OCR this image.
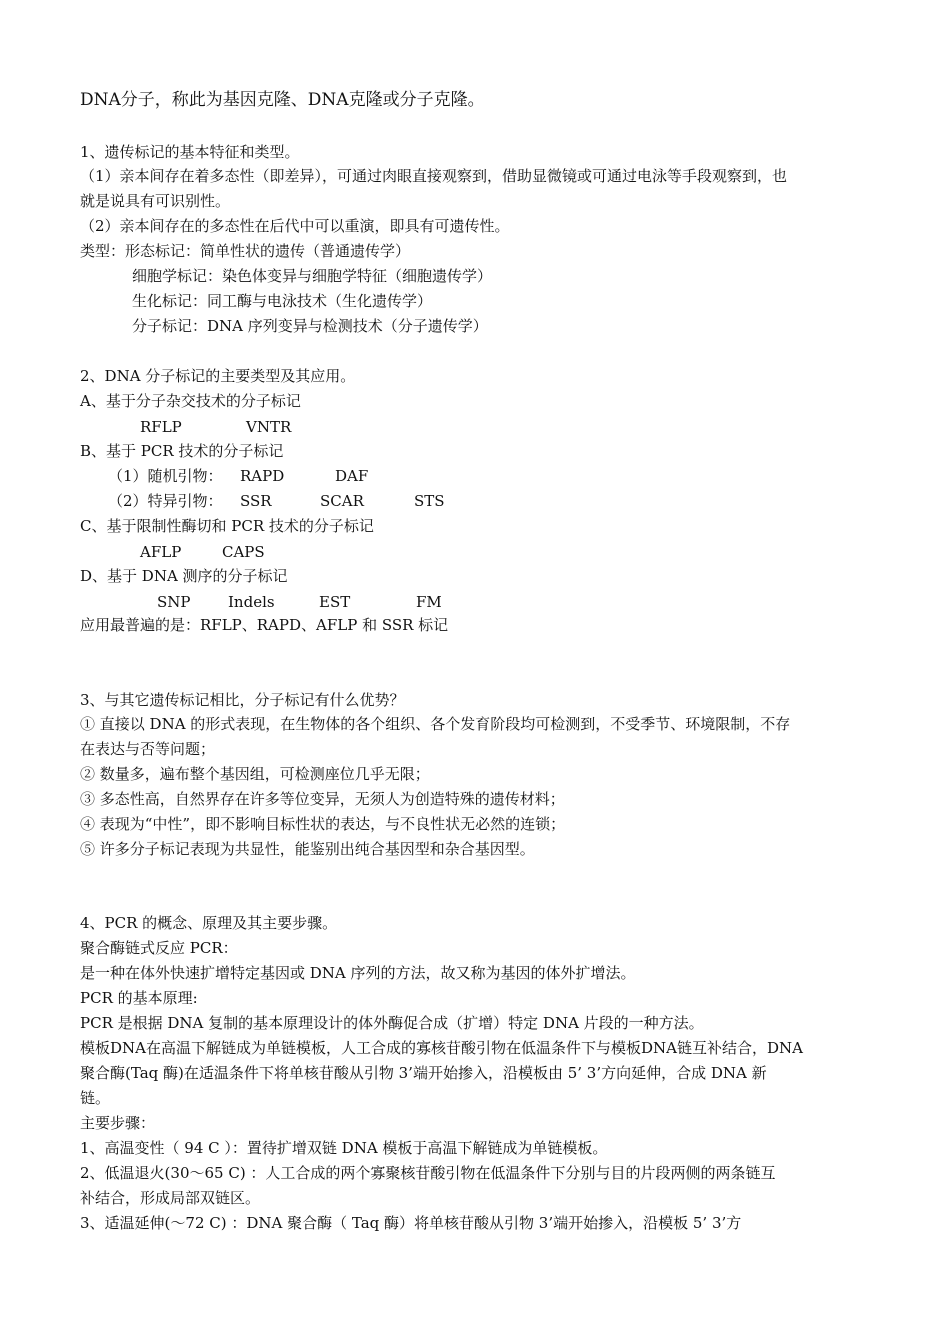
DNA分子，称此为基因克隆、DNA克隆或分子克隆。
1、遗传标记的基本特征和类型。
（1）亲本间存在着多态性（即差异），可通过肉眼直接观察到，借助显微镜或可通过电泳等手段观察到，也
就是说具有可识别性。
（2）亲本间存在的多态性在后代中可以重演，即具有可遗传性。
类型：形态标记：简单性状的遗传（普通遗传学）
细胞学标记：染色体变异与细胞学特征（细胞遗传学）
生化标记：同工酶与电泳技术（生化遗传学）
分子标记：DNA 序列变异与检测技术（分子遗传学）
2、DNA 分子标记的主要类型及其应用。
A、基于分子杂交技术的分子标记
RFLP	VNTR
B、基于 PCR 技术的分子标记
（1）随机引物： RAPD	DAF
（2）特异引物： SSR	SCAR	STS
C、基于限制性酶切和 PCR 技术的分子标记
AFLP	CAPS
D、基于 DNA 测序的分子标记
SNP	Indels	EST	FM
应用最普遍的是：RFLP、RAPD、AFLP 和 SSR 标记
3、与其它遗传标记相比，分子标记有什么优势？
① 直接以 DNA 的形式表现，在生物体的各个组织、各个发育阶段均可检测到，不受季节、环境限制，不存
在表达与否等问题；
② 数量多，遍布整个基因组，可检测座位几乎无限；
③ 多态性高，自然界存在许多等位变异，无须人为创造特殊的遗传材料；
④ 表现为“中性”，即不影响目标性状的表达，与不良性状无必然的连锁；
⑤ 许多分子标记表现为共显性，能鉴别出纯合基因型和杂合基因型。
4、PCR 的概念、原理及其主要步骤。
聚合酶链式反应 PCR：
是一种在体外快速扩增特定基因或 DNA 序列的方法，故又称为基因的体外扩增法。
PCR 的基本原理:
PCR 是根据 DNA 复制的基本原理设计的体外酶促合成（扩增）特定 DNA 片段的一种方法。
模板DNA在高温下解链成为单链模板，人工合成的寡核苷酸引物在低温条件下与模板DNA链互补结合，DNA
聚合酶(Taq 酶)在适温条件下将单核苷酸从引物 3’端开始掺入，沿模板由 5’ 3’方向延伸，合成 DNA 新
链。
主要步骤：
1、高温变性（ 94 C ）：置待扩增双链 DNA 模板于高温下解链成为单链模板。
2、低温退火(30～65 C) ：人工合成的两个寡聚核苷酸引物在低温条件下分别与目的片段两侧的两条链互
补结合，形成局部双链区。
3、适温延伸(～72 C) ：DNA 聚合酶（ Taq 酶）将单核苷酸从引物 3’端开始掺入，沿模板 5’ 3’方
